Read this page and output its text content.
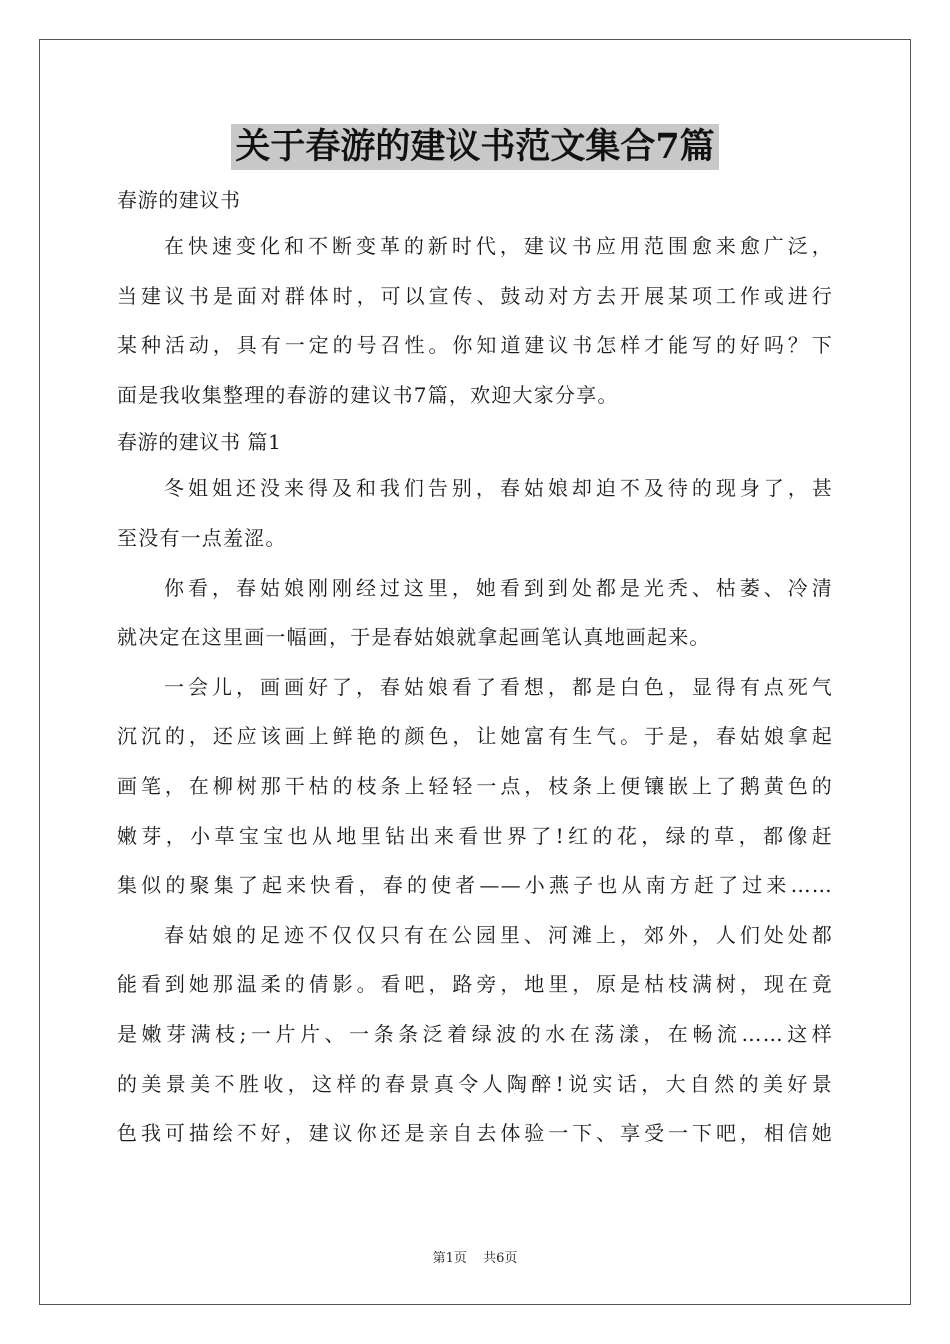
关于春游的建议书范文集合7篇
春游的建议书
在快速变化和不断变革的新时代，建议书应用范围愈来愈广泛，
当建议书是面对群体时，可以宣传、鼓动对方去开展某项工作或进行
某种活动，具有一定的号召性。你知道建议书怎样才能写的好吗？下
面是我收集整理的春游的建议书7篇，欢迎大家分享。
春游的建议书 篇1
冬姐姐还没来得及和我们告别，春姑娘却迫不及待的现身了，甚
至没有一点羞涩。
你看，春姑娘刚刚经过这里，她看到到处都是光秃、枯萎、冷清
就决定在这里画一幅画，于是春姑娘就拿起画笔认真地画起来。
一会儿，画画好了，春姑娘看了看想，都是白色，显得有点死气
沉沉的，还应该画上鲜艳的颜色，让她富有生气。于是，春姑娘拿起
画笔，在柳树那干枯的枝条上轻轻一点，枝条上便镶嵌上了鹅黄色的
嫩芽，小草宝宝也从地里钻出来看世界了!红的花，绿的草，都像赶
集似的聚集了起来快看，春的使者——小燕子也从南方赶了过来……
春姑娘的足迹不仅仅只有在公园里、河滩上，郊外，人们处处都
能看到她那温柔的倩影。看吧，路旁，地里，原是枯枝满树，现在竟
是嫩芽满枝;一片片、一条条泛着绿波的水在荡漾，在畅流……这样
的美景美不胜收，这样的春景真令人陶醉!说实话，大自然的美好景
色我可描绘不好，建议你还是亲自去体验一下、享受一下吧，相信她
第1页 共6页
